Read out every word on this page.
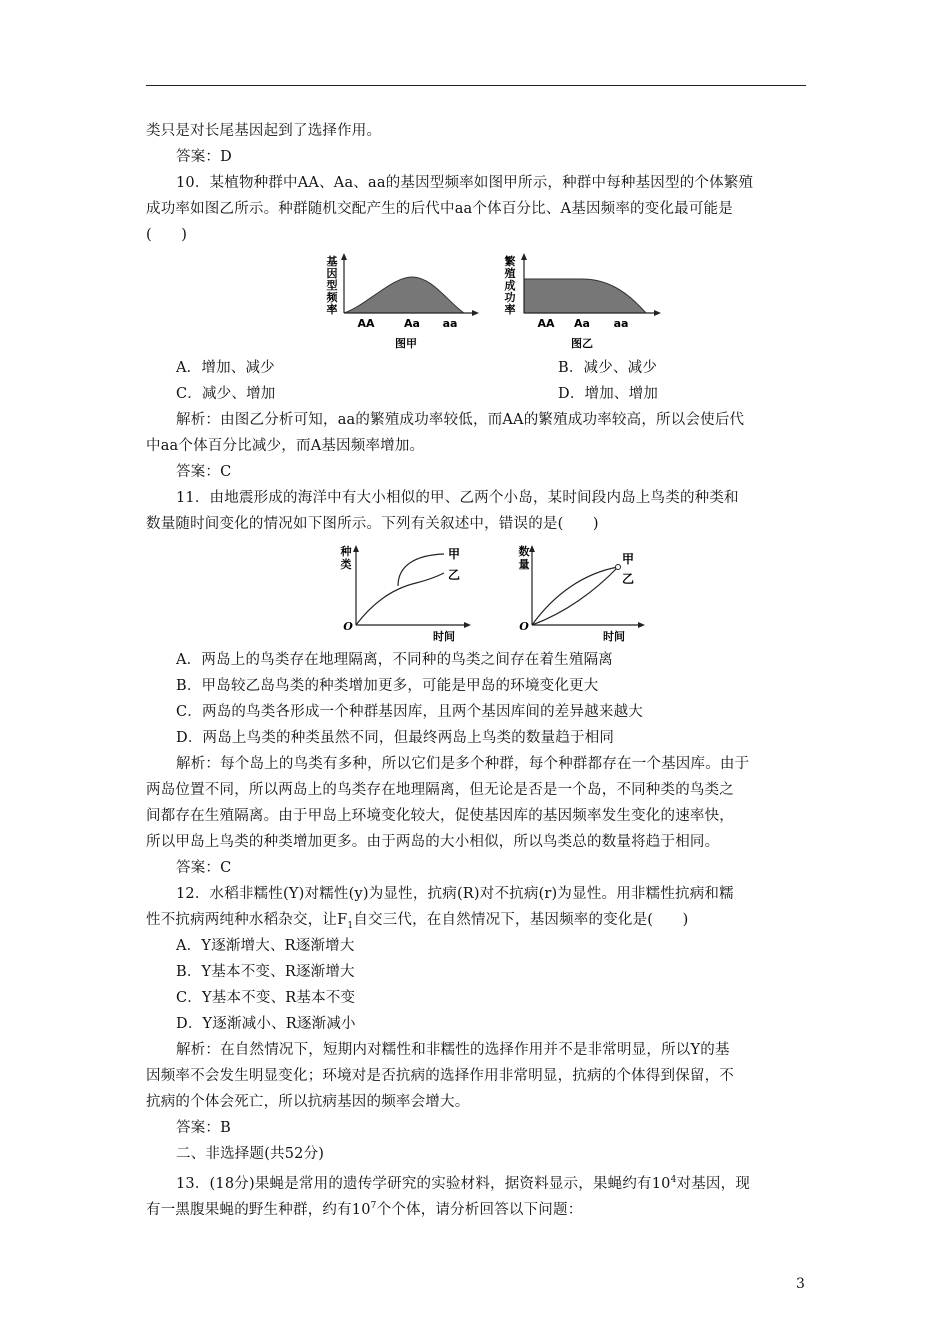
类只是对长尾基因起到了选择作用。
答案：D
10．某植物种群中AA、Aa、aa的基因型频率如图甲所示，种群中每种基因型的个体繁殖
成功率如图乙所示。种群随机交配产生的后代中aa个体百分比、A基因频率的变化最可能是
(　　)
基
因
型
频
率
AA	Aa aa
图甲
繁
殖
成
功
率
AA Aa aa
图乙
A．增加、减少	B．减少、减少
C．减少、增加	D．增加、增加
解析：由图乙分析可知，aa的繁殖成功率较低，而AA的繁殖成功率较高，所以会使后代
中aa个体百分比减少，而A基因频率增加。
答案：C
11．由地震形成的海洋中有大小相似的甲、乙两个小岛，某时间段内岛上鸟类的种类和
数量随时间变化的情况如下图所示。下列有关叙述中，错误的是(　　)
种
类
甲
乙
O
时间
数
量	甲
乙
O
时间
A．两岛上的鸟类存在地理隔离，不同种的鸟类之间存在着生殖隔离
B．甲岛较乙岛鸟类的种类增加更多，可能是甲岛的环境变化更大
C．两岛的鸟类各形成一个种群基因库，且两个基因库间的差异越来越大
D．两岛上鸟类的种类虽然不同，但最终两岛上鸟类的数量趋于相同
解析：每个岛上的鸟类有多种，所以它们是多个种群，每个种群都存在一个基因库。由于
两岛位置不同，所以两岛上的鸟类存在地理隔离，但无论是否是一个岛，不同种类的鸟类之
间都存在生殖隔离。由于甲岛上环境变化较大，促使基因库的基因频率发生变化的速率快，
所以甲岛上鸟类的种类增加更多。由于两岛的大小相似，所以鸟类总的数量将趋于相同。
答案：C
12．水稻非糯性(Y)对糯性(y)为显性，抗病(R)对不抗病(r)为显性。用非糯性抗病和糯
性不抗病两纯种水稻杂交，让$F_1$自交三代，在自然情况下，基因频率的变化是(　　)
A．Y逐渐增大、R逐渐增大
B．Y基本不变、R逐渐增大
C．Y基本不变、R基本不变
D．Y逐渐减小、R逐渐减小
解析：在自然情况下，短期内对糯性和非糯性的选择作用并不是非常明显，所以Y的基
因频率不会发生明显变化；环境对是否抗病的选择作用非常明显，抗病的个体得到保留，不
抗病的个体会死亡，所以抗病基因的频率会增大。
答案：B
二、非选择题(共52分)
13．(18分)果蝇是常用的遗传学研究的实验材料，据资料显示，果蝇约有$10^4$对基因，现
有一黑腹果蝇的野生种群，约有$10^7$个个体，请分析回答以下问题：
3
